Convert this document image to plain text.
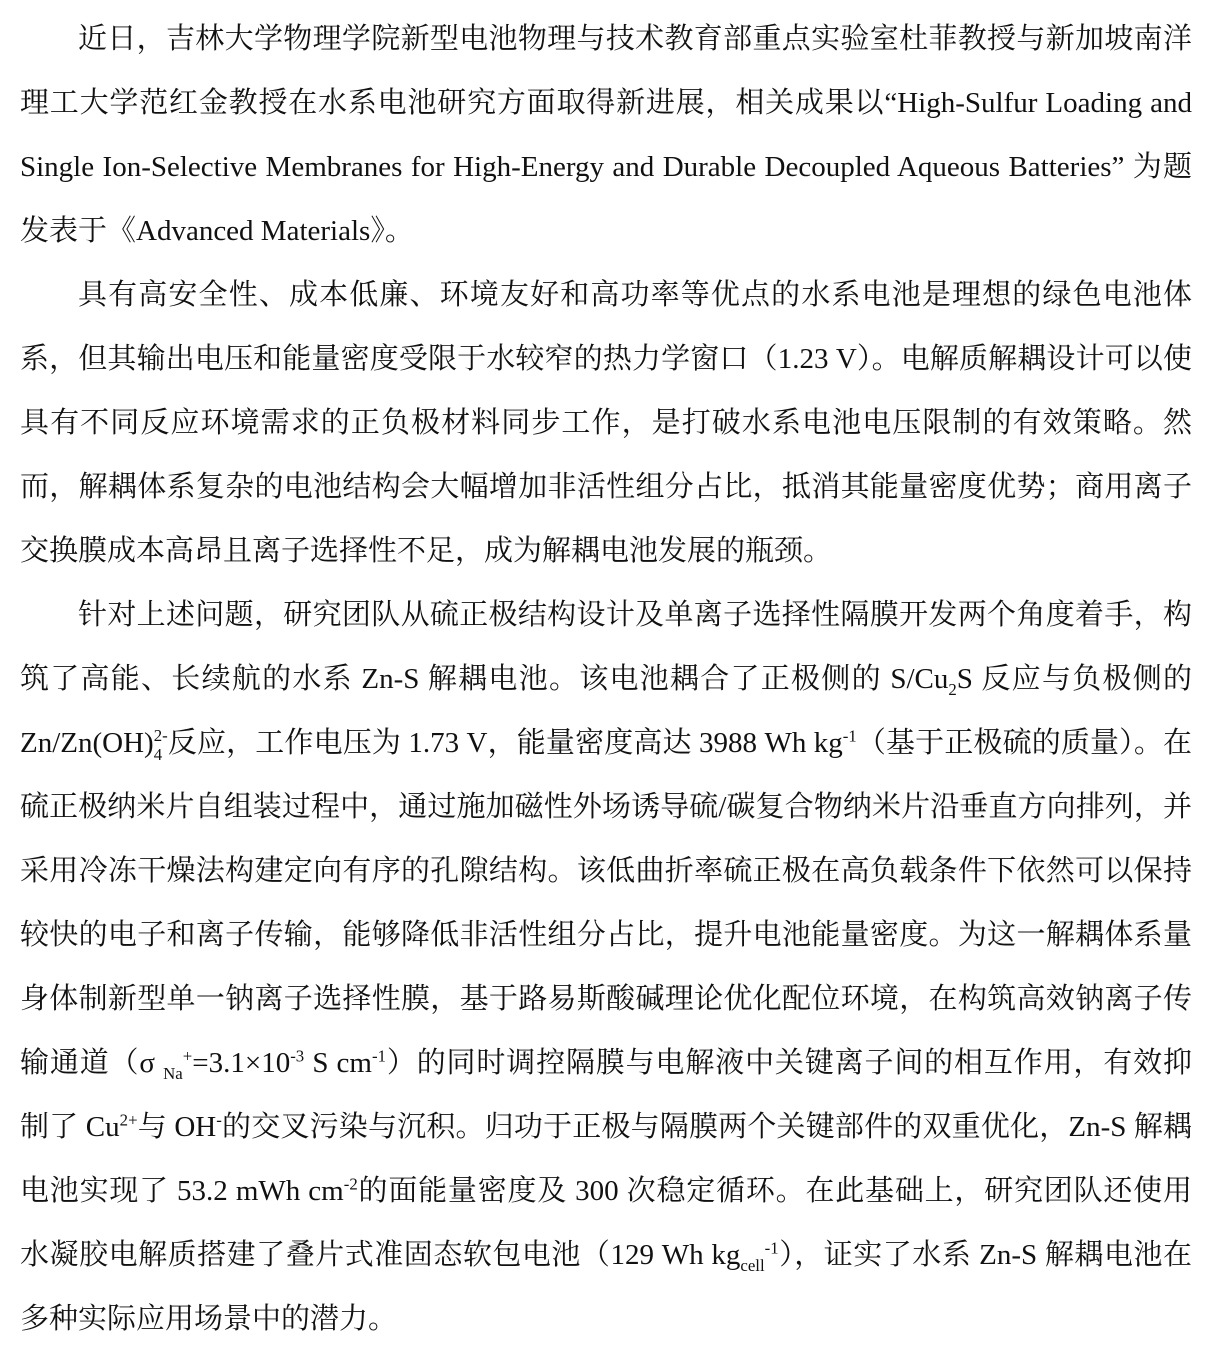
近日，吉林大学物理学院新型电池物理与技术教育部重点实验室杜菲教授与新加坡南洋理工大学范红金教授在水系电池研究方面取得新进展，相关成果以“High-Sulfur Loading and Single Ion-Selective Membranes for High-Energy and Durable Decoupled Aqueous Batteries” 为题发表于《Advanced Materials》。

具有高安全性、成本低廉、环境友好和高功率等优点的水系电池是理想的绿色电池体系，但其输出电压和能量密度受限于水较窄的热力学窗口（1.23 V）。电解质解耦设计可以使具有不同反应环境需求的正负极材料同步工作，是打破水系电池电压限制的有效策略。然而，解耦体系复杂的电池结构会大幅增加非活性组分占比，抵消其能量密度优势；商用离子交换膜成本高昂且离子选择性不足，成为解耦电池发展的瓶颈。

针对上述问题，研究团队从硫正极结构设计及单离子选择性隔膜开发两个角度着手，构筑了高能、长续航的水系 Zn-S 解耦电池。该电池耦合了正极侧的 $S/Cu_2S$ 反应与负极侧的 Zn/Zn(OH) 2-
4 反应，工作电压为 1.73 V，能量密度高达 3988 Wh $kg^{-1}$（基于正极硫的质量）。在硫正极纳米片自组装过程中，通过施加磁性外场诱导硫/碳复合物纳米片沿垂直方向排列，并采用冷冻干燥法构建定向有序的孔隙结构。该低曲折率硫正极在高负载条件下依然可以保持较快的电子和离子传输，能够降低非活性组分占比，提升电池能量密度。为这一解耦体系量身体制新型单一钠离子选择性膜，基于路易斯酸碱理论优化配位环境，在构筑高效钠离子传输通道（σ $_{Na}^+=3.1\times 10^{-3}$ S $cm^{-1}$）的同时调控隔膜与电解液中关键离子间的相互作用，有效抑制了 $Cu^{2+}$与 OH-的交叉污染与沉积。归功于正极与隔膜两个关键部件的双重优化，Zn-S 解耦电池实现了 53.2 mWh $cm^{-2}$的面能量密度及 300 次稳定循环。在此基础上，研究团队还使用水凝胶电解质搭建了叠片式准固态软包电池（129 Wh $kg_{cell}^{-1}$），证实了水系 Zn-S 解耦电池在多种实际应用场景中的潜力。
